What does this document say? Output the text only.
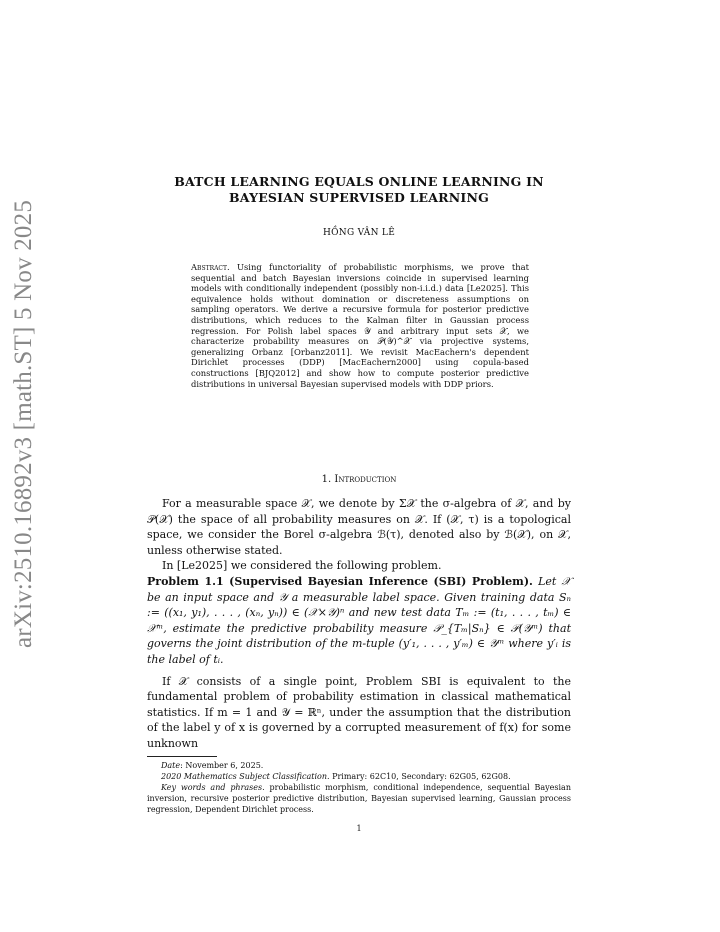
arXiv:2510.16892v3 [math.ST] 5 Nov 2025
BATCH LEARNING EQUALS ONLINE LEARNING IN
BAYESIAN SUPERVISED LEARNING
HỒNG VÂN LÊ
Abstract. Using functoriality of probabilistic morphisms, we prove that sequential and batch Bayesian inversions coincide in supervised learning models with conditionally independent (possibly non-i.i.d.) data [Le2025]. This equivalence holds without domination or discreteness assumptions on sampling operators. We derive a recursive formula for posterior predictive distributions, which reduces to the Kalman filter in Gaussian process regression. For Polish label spaces 𝒴 and arbitrary input sets 𝒳, we characterize probability measures on 𝒫(𝒴)^𝒳 via projective systems, generalizing Orbanz [Orbanz2011]. We revisit MacEachern's dependent Dirichlet processes (DDP) [MacEachern2000] using copula-based constructions [BJQ2012] and show how to compute posterior predictive distributions in universal Bayesian supervised models with DDP priors.
1. Introduction

For a measurable space 𝒳, we denote by Σ𝒳 the σ-algebra of 𝒳, and by 𝒫(𝒳) the space of all probability measures on 𝒳. If (𝒳, τ) is a topological space, we consider the Borel σ-algebra ℬ(τ), denoted also by ℬ(𝒳), on 𝒳, unless otherwise stated.

In [Le2025] we considered the following problem.

Problem 1.1 (Supervised Bayesian Inference (SBI) Problem). Let 𝒳 be an input space and 𝒴 a measurable label space. Given training data Sₙ := ((x₁, y₁), . . . , (xₙ, yₙ)) ∈ (𝒳×𝒴)ⁿ and new test data Tₘ := (t₁, . . . , tₘ) ∈ 𝒳ᵐ, estimate the predictive probability measure 𝒫_{Tₘ|Sₙ} ∈ 𝒫(𝒴ᵐ) that governs the joint distribution of the m-tuple (y′₁, . . . , y′ₘ) ∈ 𝒴ᵐ where y′ᵢ is the label of tᵢ.

If 𝒳 consists of a single point, Problem SBI is equivalent to the fundamental problem of probability estimation in classical mathematical statistics. If m = 1 and 𝒴 = ℝⁿ, under the assumption that the distribution of the label y of x is governed by a corrupted measurement of f(x) for some unknown

Date: November 6, 2025.

2020 Mathematics Subject Classification. Primary: 62C10, Secondary: 62G05, 62G08.

Key words and phrases. probabilistic morphism, conditional independence, sequential Bayesian inversion, recursive posterior predictive distribution, Bayesian supervised learning, Gaussian process regression, Dependent Dirichlet process.

1
